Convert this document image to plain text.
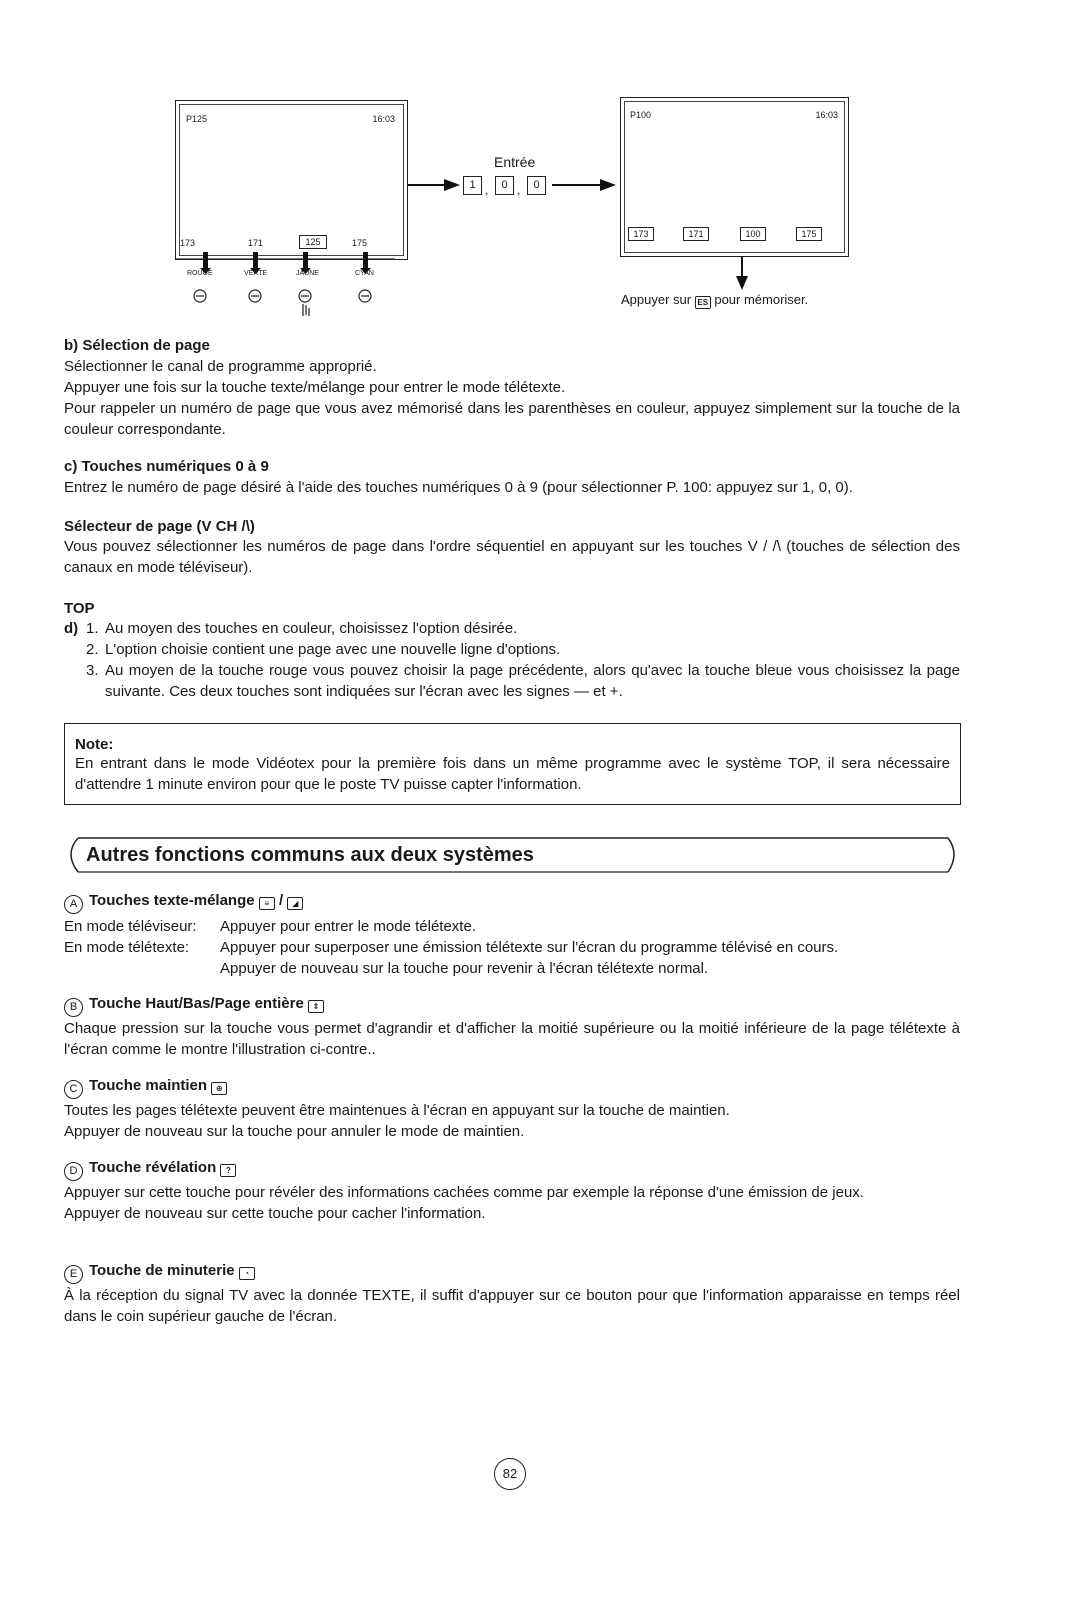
P125	16:03
173	171	125	175
ROUGE	VERTE	JAUNE	CYAN
Entrée
1 ,	0 ,	0
P100	16:03
173	171	100	175
Appuyer sur ES pour mémoriser.
b) Sélection de page
Sélectionner le canal de programme approprié.
Appuyer une fois sur la touche texte/mélange pour entrer le mode télétexte.
Pour rappeler un numéro de page que vous avez mémorisé dans les parenthèses en couleur, appuyez simplement sur la touche de la couleur correspondante.
c) Touches numériques 0 à 9
Entrez le numéro de page désiré à l'aide des touches numériques 0 à 9 (pour sélectionner P. 100: appuyez sur 1, 0, 0).
Sélecteur de page (V CH /\)
Vous pouvez sélectionner les numéros de page dans l'ordre séquentiel en appuyant sur les touches V / /\ (touches de sélection des canaux en mode téléviseur).
TOP
d) 1. Au moyen des touches en couleur, choisissez l'option désirée.
2. L'option choisie contient une page avec une nouvelle ligne d'options.
3. Au moyen de la touche rouge vous pouvez choisir la page précédente, alors qu'avec la touche bleue vous choisissez la page suivante. Ces deux touches sont indiquées sur l'écran avec les signes — et +.
Note:
En entrant dans le mode Vidéotex pour la première fois dans un même programme avec le système TOP, il sera nécessaire d'attendre 1 minute environ pour que le poste TV puisse capter l'information.
Autres fonctions communs aux deux systèmes
A Touches texte-mélange ≡ / ◢
En mode téléviseur: Appuyer pour entrer le mode télétexte.
En mode télétexte: Appuyer pour superposer une émission télétexte sur l'écran du programme télévisé en cours.
Appuyer de nouveau sur la touche pour revenir à l'écran télétexte normal.
B Touche Haut/Bas/Page entière ⇕
Chaque pression sur la touche vous permet d'agrandir et d'afficher la moitié supérieure ou la moitié inférieure de la page télétexte à l'écran comme le montre l'illustration ci-contre..
C Touche maintien ⊕
Toutes les pages télétexte peuvent être maintenues à l'écran en appuyant sur la touche de maintien.
Appuyer de nouveau sur la touche pour annuler le mode de maintien.
D Touche révélation ?
Appuyer sur cette touche pour révéler des informations cachées comme par exemple la réponse d'une émission de jeux.
Appuyer de nouveau sur cette touche pour cacher l'information.
E Touche de minuterie ◔
À la réception du signal TV avec la donnée TEXTE, il suffit d'appuyer sur ce bouton pour que l'information apparaisse en temps réel dans le coin supérieur gauche de l'écran.
82
